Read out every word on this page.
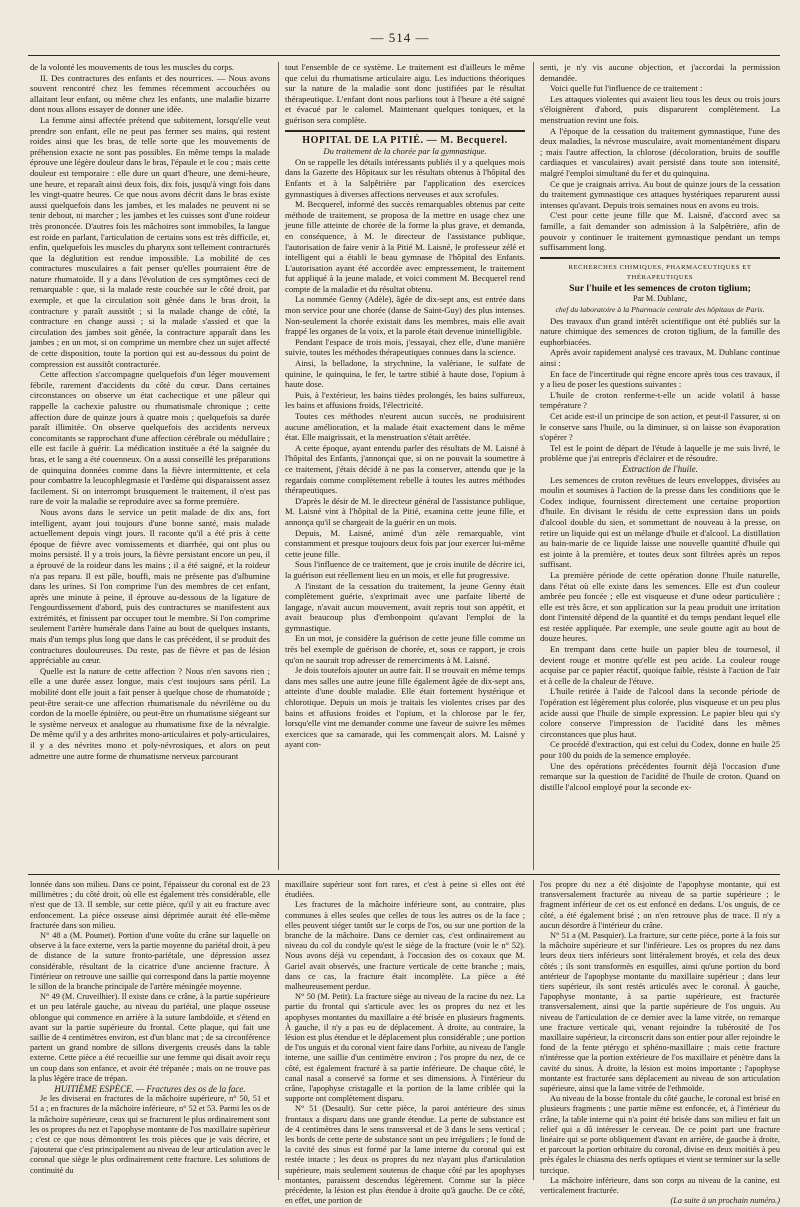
— 514 —

de la volonté les mouvements de tous les muscles du corps.

II. Des contractures des enfants et des nourrices. — Nous avons souvent rencontré chez les femmes récemment accouchées ou allaitant leur enfant, ou même chez les enfants, une maladie bizarre dont nous allons essayer de donner une idée.

La femme ainsi affectée prétend que subitement, lorsqu'elle veut prendre son enfant, elle ne peut pas fermer ses mains, qui restent roides ainsi que les bras, de telle sorte que les mouvements de préhension exacte ne sont pas possibles. En même temps la malade éprouve une légère douleur dans le bras, l'épaule et le cou ; mais cette douleur est temporaire : elle dure un quart d'heure, une demi-heure, une heure, et reparaît ainsi deux fois, dix fois, jusqu'à vingt fois dans les vingt-quatre heures. Ce que nous avons décrit dans le bras existe aussi quelquefois dans les jambes, et les malades ne peuvent ni se tenir debout, ni marcher ; les jambes et les cuisses sont d'une roideur très prononcée. D'autres fois les mâchoires sont immobiles, la langue est roide en parlant, l'articulation de certains sons est très difficile, et, enfin, quelquefois les muscles du pharynx sont tellement contracturés que la déglutition est rendue impossible. La mobilité de ces contractures musculaires a fait penser qu'elles pourraient être de nature rhumatoïde. Il y a dans l'évolution de ces symptômes ceci de remarquable : que, si la malade reste couchée sur le côté droit, par exemple, et que la circulation soit gênée dans le bras droit, la contracture y paraît aussitôt ; si la malade change de côté, la contracture en change aussi ; si la malade s'assied et que la circulation des jambes soit gênée, la contracture apparaît dans les jambes ; en un mot, si on comprime un membre chez un sujet affecté de cette disposition, toute la portion qui est au-dessous du point de compression est aussitôt contracturée.

Cette affection s'accompagne quelquefois d'un léger mouvement fébrile, rarement d'accidents du côté du cœur. Dans certaines circonstances on observe un état cachectique et une pâleur qui rappelle la cachexie palustre ou rhumatismale chronique ; cette affection dure de quinze jours à quatre mois ; quelquefois sa durée paraît illimitée. On observe quelquefois des accidents nerveux concomitants se rapprochant d'une affection cérébrale ou médullaire ; elle est facile à guérir. La médication instituée a été la saignée du bras, et le sang a été couenneux. On a aussi conseillé les préparations de quinquina données comme dans la fièvre intermittente, et cela pour combattre la leucophlegmasie et l'œdème qui disparaissent assez facilement. Si on interrompt brusquement le traitement, il n'est pas rare de voir la maladie se reproduire avec sa forme première.

Nous avons dans le service un petit malade de dix ans, fort intelligent, ayant joui toujours d'une bonne santé, mais malade actuellement depuis vingt jours. Il raconte qu'il a été pris à cette époque de fièvre avec vomissements et diarrhée, qui ont plus ou moins persisté. Il y a trois jours, la fièvre persistant encore un peu, il a éprouvé de la roideur dans les mains ; il a été saigné, et la roideur n'a pas reparu. Il est pâle, bouffi, mais ne présente pas d'albumine dans les urines. Si l'on comprime l'un des membres de cet enfant, après une minute à peine, il éprouve au-dessous de la ligature de l'engourdissement d'abord, puis des contractures se manifestent aux extrémités, et finissent par occuper tout le membre. Si l'on comprime seulement l'artère humérale dans l'aine au bout de quelques instants, mais d'un temps plus long que dans le cas précédent, il se produit des contractures douloureuses. Du reste, pas de fièvre et pas de lésion appréciable au cœur.

Quelle est la nature de cette affection ? Nous n'en savons rien ; elle a une durée assez longue, mais c'est toujours sans péril. La mobilité dont elle jouit a fait penser à quelque chose de rhumatoïde ; peut-être serait-ce une affection rhumatismale du névrilème ou du cordon de la moelle épinière, ou peut-être un rhumatisme siégeant sur le système nerveux et analogue au rhumatisme fixe de la névralgie. De même qu'il y a des arthrites mono-articulaires et poly-articulaires, il y a des névrites mono et poly-névrosiques, et alors on peut admettre une autre forme de rhumatisme nerveux parcourant

tout l'ensemble de ce système. Le traitement est d'ailleurs le même que celui du rhumatisme articulaire aigu. Les inductions théoriques sur la nature de la maladie sont donc justifiées par le résultat thérapeutique. L'enfant dont nous parlions tout à l'heure a été saigné et évacué par le calomel. Maintenant quelques toniques, et la guérison sera complète.

HOPITAL DE LA PITIÉ. — M. Becquerel.

Du traitement de la chorée par la gymnastique.

On se rappelle les détails intéressants publiés il y a quelques mois dans la Gazette des Hôpitaux sur les résultats obtenus à l'hôpital des Enfants et à la Salpêtrière par l'application des exercices gymnastiques à diverses affections nerveuses et aux scrofules.

M. Becquerel, informé des succès remarquables obtenus par cette méthode de traitement, se proposa de la mettre en usage chez une jeune fille atteinte de chorée de la forme la plus grave, et demanda, en conséquence, à M. le directeur de l'assistance publique, l'autorisation de faire venir à la Pitié M. Laisné, le professeur zélé et intelligent qui a établi le beau gymnase de l'hôpital des Enfants. L'autorisation ayant été accordée avec empressement, le traitement fut appliqué à la jeune malade, et voici comment M. Becquerel rend compte de la maladie et du résultat obtenu.

La nommée Genny (Adèle), âgée de dix-sept ans, est entrée dans mon service pour une chorée (danse de Saint-Guy) des plus intenses. Non-seulement la chorée existait dans les membres, mais elle avait frappé les organes de la voix, et la parole était devenue inintelligible.

Pendant l'espace de trois mois, j'essayai, chez elle, d'une manière suivie, toutes les méthodes thérapeutiques connues dans la science.

Ainsi, la belladone, la strychnine, la valériane, le sulfate de quinine, le quinquina, le fer, le tartre stibié à haute dose, l'opium à haute dose.

Puis, à l'extérieur, les bains tièdes prolongés, les bains sulfureux, les bains et affusions froids, l'électricité.

Toutes ces méthodes n'eurent aucun succès, ne produisirent aucune amélioration, et la malade était exactement dans le même état. Elle maigrissait, et la menstruation s'était arrêtée.

A cette époque, ayant entendu parler des résultats de M. Laisné à l'hôpital des Enfants, j'annonçai que, si on ne pouvait la soumettre à ce traitement, j'étais décidé à ne pas la conserver, attendu que je la regardais comme complètement rebelle à toutes les autres méthodes thérapeutiques.

D'après le désir de M. le directeur général de l'assistance publique, M. Laisné vint à l'hôpital de la Pitié, examina cette jeune fille, et annonça qu'il se chargeait de la guérir en un mois.

Depuis, M. Laisné, animé d'un zèle remarquable, vint constamment et presque toujours deux fois par jour exercer lui-même cette jeune fille.

Sous l'influence de ce traitement, que je crois inutile de décrire ici, la guérison eut réellement lieu en un mois, et elle fut progressive.

A l'instant de la cessation du traitement, la jeune Genny était complètement guérie, s'exprimait avec une parfaite liberté de langage, n'avait aucun mouvement, avait repris tout son appétit, et avait beaucoup plus d'embonpoint qu'avant l'emploi de la gymnastique.

En un mot, je considère la guérison de cette jeune fille comme un très bel exemple de guérison de chorée, et, sous ce rapport, je crois qu'on ne saurait trop adresser de remerciments à M. Laisné.

Je dois toutefois ajouter un autre fait. Il se trouvait en même temps dans mes salles une autre jeune fille également âgée de dix-sept ans, atteinte d'une double maladie. Elle était fortement hystérique et chlorotique. Depuis un mois je traitais les violentes crises par des bains et affusions froides et l'opium, et la chlorose par le fer, lorsqu'elle vint me demander comme une faveur de suivre les mêmes exercices que sa camarade, qui les commençait alors. M. Laisné y ayant con-

senti, je n'y vis aucune objection, et j'accordai la permission demandée.

Voici quelle fut l'influence de ce traitement :

Les attaques violentes qui avaient lieu tous les deux ou trois jours s'éloignèrent d'abord, puis disparurent complètement. La menstruation revint une fois.

A l'époque de la cessation du traitement gymnastique, l'une des deux maladies, la névrose musculaire, avait momentanément disparu ; mais l'autre affection, la chlorose (décoloration, bruits de souffle cardiaques et vasculaires) avait persisté dans toute son intensité, malgré l'emploi simultané du fer et du quinquina.

Ce que je craignais arriva. Au bout de quinze jours de la cessation du traitement gymnastique ces attaques hystériques reparurent aussi intenses qu'avant. Depuis trois semaines nous en avons eu trois.

C'est pour cette jeune fille que M. Laisné, d'accord avec sa famille, a fait demander son admission à la Salpêtrière, afin de pouvoir y continuer le traitement gymnastique pendant un temps suffisamment long.

RECHERCHES CHIMIQUES, PHARMACEUTIQUES ET THÉRAPEUTIQUES

Sur l'huile et les semences de croton tiglium;

Par M. Dublanc,

chef du laboratoire à la Pharmacie centrale des hôpitaux de Paris.

Des travaux d'un grand intérêt scientifique ont été publiés sur la nature chimique des semences de croton tiglium, de la famille des euphorbiacées.

Après avoir rapidement analysé ces travaux, M. Dublanc continue ainsi :

En face de l'incertitude qui règne encore après tous ces travaux, il y a lieu de poser les questions suivantes :

L'huile de croton renferme-t-elle un acide volatil à basse température ?

Cet acide est-il un principe de son action, et peut-il l'assurer, si on le conserve sans l'huile, ou la diminuer, si on laisse son évaporation s'opérer ?

Tel est le point de départ de l'étude à laquelle je me suis livré, le problème que j'ai entrepris d'éclairer et de résoudre.

Extraction de l'huile.

Les semences de croton revêtues de leurs enveloppes, divisées au moulin et soumises à l'action de la presse dans les conditions que le Codex indique, fournissent directement une certaine proportion d'huile. En divisant le résidu de cette expression dans un poids d'alcool double du sien, et sommettant de nouveau à la presse, on retire un liquide qui est un mélange d'huile et d'alcool. La distillation au bain-marie de ce liquide laisse une nouvelle quantité d'huile qui est jointe à la première, et toutes deux sont filtrées après un repos suffisant.

La première période de cette opération donne l'huile naturelle, dans l'état où elle existe dans les semences. Elle est d'un couleur ambrée peu foncée ; elle est visqueuse et d'une odeur particulière ; elle est très âcre, et son application sur la peau produit une irritation dont l'intensité dépend de la quantité et du temps pendant lequel elle est restée appliquée. Par exemple, une seule goutte agit au bout de douze heures.

En trempant dans cette huile un papier bleu de tournesol, il devient rouge et montre qu'elle est peu acide. La couleur rouge acquise par ce papier réactif, quoique faible, résiste à l'action de l'air et à celle de la chaleur de l'étuve.

L'huile retirée à l'aide de l'alcool dans la seconde période de l'opération est légèrement plus colorée, plus visqueuse et un peu plus acide aussi que l'huile de simple expression. Le papier bleu qui s'y colore conserve l'impression de l'acidité dans les mêmes circonstances que plus haut.

Ce procédé d'extraction, qui est celui du Codex, donne en huile 25 pour 100 du poids de la semence employée.

Une des opérations précédentes fournit déjà l'occasion d'une remarque sur la question de l'acidité de l'huile de croton. Quand on distille l'alcool employé pour la seconde ex-

lonnée dans son milieu. Dans ce point, l'épaisseur du coronal est de 23 millimètres ; du côté droit, où elle est également très considérable, elle n'est que de 13. Il semble, sur cette pièce, qu'il y ait eu fracture avec enfoncement. La pièce osseuse ainsi déprimée aurait été elle-même fracturée dans son milieu.

N° 48 a (M. Poumet). Portion d'une voûte du crâne sur laquelle on observe à la face externe, vers la partie moyenne du pariétal droit, à peu de distance de la suture fronto-pariétale, une dépression assez considérable, résultant de la cicatrice d'une ancienne fracture. À l'intérieur on retrouve une saillie qui correspond dans la partie moyenne le sillon de la branche principale de l'artère méningée moyenne.

N° 49 (M. Cruveilhier). Il existe dans ce crâne, à la partie supérieure et un peu latérale gauche, au niveau du pariétal, une plaque osseuse oblongue qui commence en arrière à la suture lambdoïde, et s'étend en avant sur la partie supérieure du frontal. Cette plaque, qui fait une saillie de 4 centimètres environ, est d'un blanc mat ; de sa circonférence partent un grand nombre de sillons divergents creusés dans la table externe. Cette pièce a été recueillie sur une femme qui disait avoir reçu un coup dans son enfance, et avoir été trépanée ; mais on ne trouve pas la plus légère trace de trépan.

HUITIÈME ESPÈCE. — Fractures des os de la face.

Je les diviserai en fractures de la mâchoire supérieure, n° 50, 51 et 51 a ; en fractures de la mâchoire inférieure, n° 52 et 53. Parmi les os de la mâchoire supérieure, ceux qui se fracturent le plus ordinairement sont les os propres du nez et l'apophyse montante de l'os maxillaire supérieur ; c'est ce que nous démontrent les trois pièces que je vais décrire, et j'ajouterai que c'est principalement au niveau de leur articulation avec le coronal que siège le plus ordinairement cette fracture. Les solutions de continuité du

maxillaire supérieur sont fort rares, et c'est à peine si elles ont été étudiées.

Les fractures de la mâchoire inférieure sont, au contraire, plus communes à elles seules que celles de tous les autres os de la face ; elles peuvent siéger tantôt sur le corps de l'os, ou sur une portion de la branche de la mâchoire. Dans ce dernier cas, c'est ordinairement au niveau du col du condyle qu'est le siège de la fracture (voir le n° 52). Nous avons déjà vu cependant, à l'occasion des os coxaux que M. Gariel avait observés, une fracture verticale de cette branche ; mais, dans ce cas, la fracture était incomplète. La pièce a été malheureusement perdue.

N° 50 (M. Petit). La fracture siège au niveau de la racine du nez. La partie du frontal qui s'articule avec les os propres du nez et les apophyses montantes du maxillaire a été brisée en plusieurs fragments. À gauche, il n'y a pas eu de déplacement. À droite, au contraire, la lésion est plus étendue et le déplacement plus considérable ; une portion de l'os unguis et du coronal vient faire dans l'orbite, au niveau de l'angle interne, une saillie d'un centimètre environ ; l'os propre du nez, de ce côté, est également fracturé à sa partie inférieure. De chaque côté, le canal nasal a conservé sa forme et ses dimensions. À l'intérieur du crâne, l'apophyse cristagalle et la portion de la lame criblée qui la supporte ont complètement disparu.

N° 51 (Desault). Sur cette pièce, la paroi antérieure des sinus frontaux a disparu dans une grande étendue. La perte de substance est de 4 centimètres dans le sens transversal et de 3 dans le sens vertical ; les bords de cette perte de substance sont un peu irréguliers ; le fond de la cavité des sinus est formé par la lame interne du coronal qui est restée intacte ; les deux os propres du nez n'ayant plus d'articulation supérieure, mais seulement soutenus de chaque côté par les apophyses montantes, paraissent descendus légèrement. Comme sur la pièce précédente, la lésion est plus étendue à droite qu'à gauche. De ce côté, en effet, une portion de

l'os propre du nez a été disjointe de l'apophyse montante, qui est transversalement fracturée au niveau de sa partie supérieure ; le fragment inférieur de cet os est enfoncé en dedans. L'os unguis, de ce côté, a été également brisé ; on n'en retrouve plus de trace. Il n'y a aucun désordre à l'intérieur du crâne.

N° 51 a (M. Pasquier). La fracture, sur cette pièce, porte à la fois sur la mâchoire supérieure et sur l'inférieure. Les os propres du nez dans leurs deux tiers inférieurs sont littéralement broyés, et cela des deux côtés ; ils sont transformés en esquilles, ainsi qu'une portion du bord antérieur de l'apophyse montante du maxillaire supérieur ; dans leur tiers supérieur, ils sont restés articulés avec le coronal. À gauche, l'apophyse montante, à sa partie supérieure, est fracturée transversalement, ainsi que la partie supérieure de l'os unguis. Au niveau de l'articulation de ce dernier avec la lame vitrée, on remarque une fracture verticale qui, venant rejoindre la tubérosité de l'os maxillaire supérieur, la circonscrit dans son entier pour aller rejoindre le fond de la fente ptérygo et sphéno-maxillaire ; mais cette fracture n'intéresse que la portion extérieure de l'os maxillaire et pénètre dans la cavité du sinus. À droite, la lésion est moins importante ; l'apophyse montante est fracturée sans déplacement au niveau de son articulation supérieure, ainsi que la lame vitrée de l'ethmoïde.

Au niveau de la bosse frontale du côté gauche, le coronal est brisé en plusieurs fragments ; une partie même est enfoncée, et, à l'intérieur du crâne, la table interne qui n'a point été brisée dans son milieu et fait un relief qui a dû intéresser le cerveau. De ce point part une fracture linéaire qui se porte obliquement d'avant en arrière, de gauche à droite, et parcourt la portion orbitaire du coronal, divise en deux moitiés à peu près égales le chiasma des nerfs optiques et vient se terminer sur la selle turcique.

La mâchoire inférieure, dans son corps au niveau de la canine, est verticalement fracturée.

(La suite à un prochain numéro.)
